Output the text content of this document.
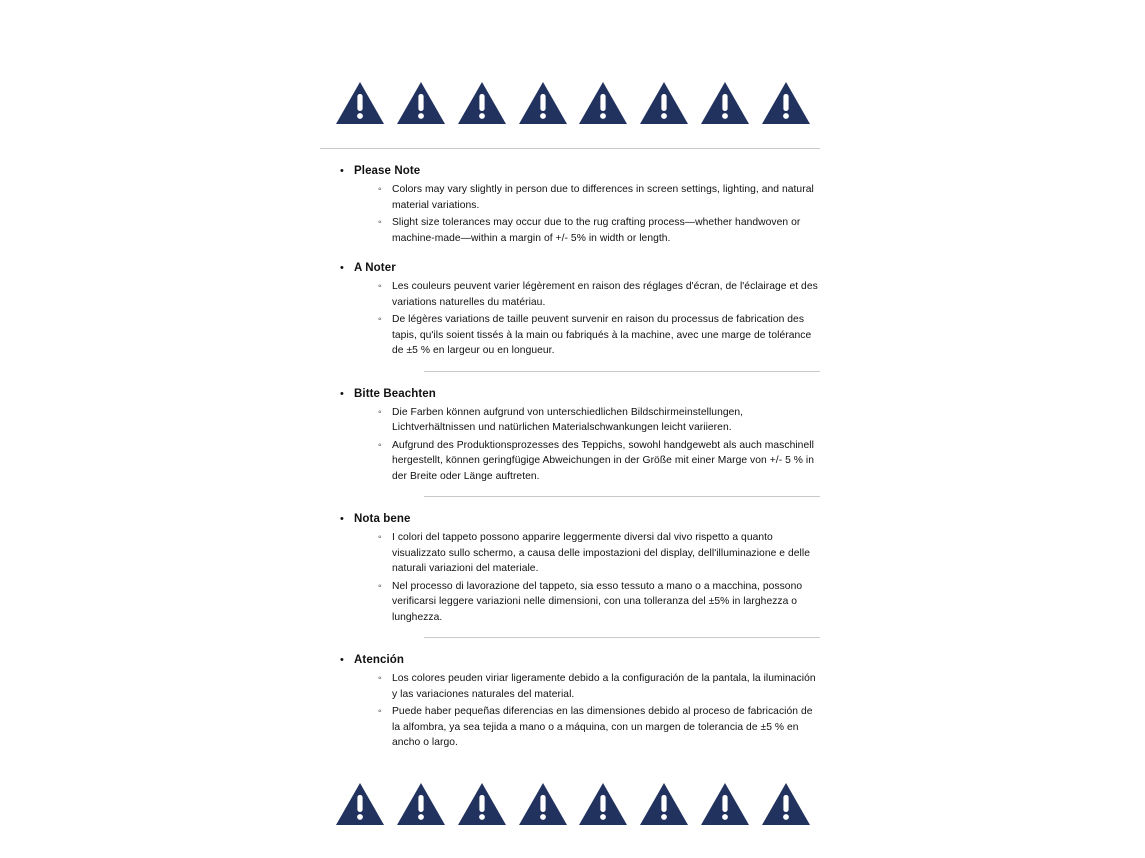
• Please Note
◦	Colors may vary slightly in person due to differences in screen settings, lighting, and natural material variations.
◦	Slight size tolerances may occur due to the rug crafting process—whether handwoven or machine-made—within a margin of +/- 5% in width or length.
• A Noter
◦	Les couleurs peuvent varier légèrement en raison des réglages d'écran, de l'éclairage et des variations naturelles du matériau.
◦	De légères variations de taille peuvent survenir en raison du processus de fabrication des tapis, qu'ils soient tissés à la main ou fabriqués à la machine, avec une marge de tolérance de ±5 % en largeur ou en longueur.
• Bitte Beachten
◦	Die Farben können aufgrund von unterschiedlichen Bildschirmeinstellungen, Lichtverhältnissen und natürlichen Materialschwankungen leicht variieren.
◦	Aufgrund des Produktionsprozesses des Teppichs, sowohl handgewebt als auch maschinell hergestellt, können geringfügige Abweichungen in der Größe mit einer Marge von +/- 5 % in der Breite oder Länge auftreten.
• Nota bene
◦	I colori del tappeto possono apparire leggermente diversi dal vivo rispetto a quanto visualizzato sullo schermo, a causa delle impostazioni del display, dell'illuminazione e delle naturali variazioni del materiale.
◦	Nel processo di lavorazione del tappeto, sia esso tessuto a mano o a macchina, possono verificarsi leggere variazioni nelle dimensioni, con una tolleranza del ±5% in larghezza o lunghezza.
• Atención
◦	Los colores peuden viriar ligeramente debido a la configuración de la pantala, la iluminación y las variaciones naturales del material.
◦	Puede haber pequeñas diferencias en las dimensiones debido al proceso de fabricación de la alfombra, ya sea tejida a mano o a máquina, con un margen de tolerancia de ±5 % en ancho o largo.
